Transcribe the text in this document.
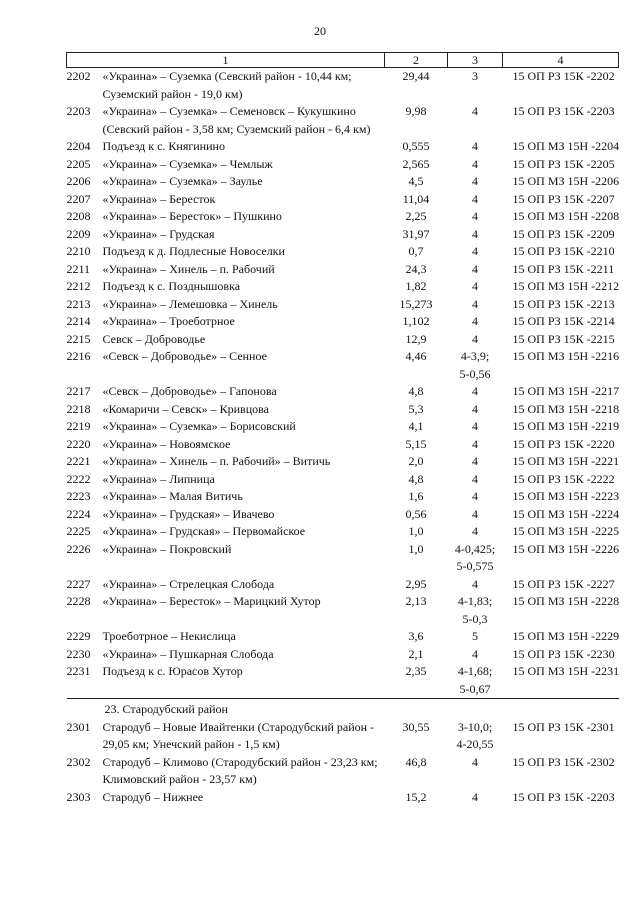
20
1	2	3	4

2202 «Украина» – Суземка (Севский район - 10,44 км; Суземский район - 19,0 км)	29,44	3	15 ОП РЗ 15К -2202

2203 «Украина» – Суземка» – Семеновск – Кукушкино (Севский район - 3,58 км; Суземский район - 6,4 км)	9,98	4	15 ОП РЗ 15К -2203

2204 Подъезд к с. Княгинино	0,555	4	15 ОП МЗ 15Н -2204

2205 «Украина» – Суземка» – Чемлыж	2,565	4	15 ОП РЗ 15К -2205

2206 «Украина» – Суземка» – Заулье	4,5	4	15 ОП МЗ 15Н -2206

2207 «Украина» – Бересток	11,04	4	15 ОП РЗ 15К -2207

2208 «Украина» – Бересток» – Пушкино	2,25	4	15 ОП МЗ 15Н -2208

2209 «Украина» – Грудская	31,97	4	15 ОП РЗ 15К -2209

2210 Подъезд к д. Подлесные Новоселки	0,7	4	15 ОП РЗ 15К -2210

2211 «Украина» – Хинель – п. Рабочий	24,3	4	15 ОП РЗ 15К -2211

2212 Подъезд к с. Позднышовка	1,82	4	15 ОП МЗ 15Н -2212

2213 «Украина» – Лемешовка – Хинель	15,273	4	15 ОП РЗ 15К -2213

2214 «Украина» – Троеботрное	1,102	4	15 ОП РЗ 15К -2214

2215 Севск – Доброводье	12,9	4	15 ОП РЗ 15К -2215

2216 «Севск – Доброводье» – Сенное	4,46	4-3,9;
5-0,56	15 ОП МЗ 15Н -2216

2217 «Севск – Доброводье» – Гапонова	4,8	4	15 ОП МЗ 15Н -2217

2218 «Комаричи – Севск» – Кривцова	5,3	4	15 ОП МЗ 15Н -2218

2219 «Украина» – Суземка» – Борисовский	4,1	4	15 ОП МЗ 15Н -2219

2220 «Украина» – Новоямское	5,15	4	15 ОП РЗ 15К -2220

2221 «Украина» – Хинель – п. Рабочий» – Витичь	2,0	4	15 ОП МЗ 15Н -2221

2222 «Украина» – Липница	4,8	4	15 ОП РЗ 15К -2222

2223 «Украина» – Малая Витичь	1,6	4	15 ОП МЗ 15Н -2223

2224 «Украина» – Грудская» – Ивачево	0,56	4	15 ОП МЗ 15Н -2224

2225 «Украина» – Грудская» – Первомайское	1,0	4	15 ОП МЗ 15Н -2225

2226 «Украина» – Покровский	1,0	4-0,425;
5-0,575	15 ОП МЗ 15Н -2226

2227 «Украина» – Стрелецкая Слобода	2,95	4	15 ОП РЗ 15К -2227

2228 «Украина» – Бересток» – Марицкий Хутор	2,13	4-1,83;
5-0,3	15 ОП МЗ 15Н -2228

2229 Троеботрное – Некислица	3,6	5	15 ОП МЗ 15Н -2229

2230 «Украина» – Пушкарная Слобода	2,1	4	15 ОП РЗ 15К -2230

2231 Подъезд к с. Юрасов Хутор	2,35	4-1,68;
5-0,67	15 ОП МЗ 15Н -2231
23. Стародубский район			

2301 Стародуб – Новые Ивайтенки (Стародубский район - 29,05 км; Унечский район - 1,5 км)	30,55	3-10,0;
4-20,55	15 ОП РЗ 15К -2301

2302 Стародуб – Климово (Стародубский район - 23,23 км; Климовский район - 23,57 км)	46,8	4	15 ОП РЗ 15К -2302

2303 Стародуб – Нижнее	15,2	4	15 ОП РЗ 15К -2203
